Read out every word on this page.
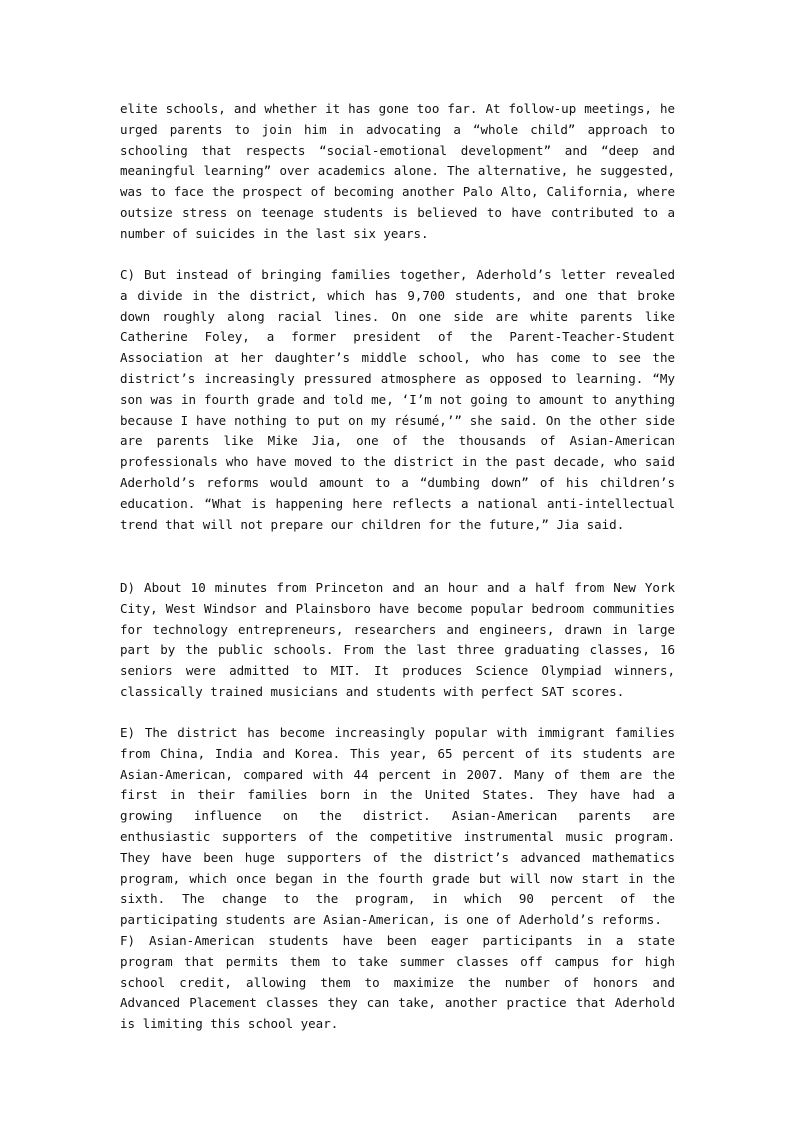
elite schools, and whether it has gone too far. At follow-up meetings, he urged parents to join him in advocating a “whole child” approach to schooling that respects “social-emotional development” and “deep and meaningful learning” over academics alone. The alternative, he suggested, was to face the prospect of becoming another Palo Alto, California, where outsize stress on teenage students is believed to have contributed to a number of suicides in the last six years.

C) But instead of bringing families together, Aderhold’s letter revealed a divide in the district, which has 9,700 students, and one that broke down roughly along racial lines. On one side are white parents like Catherine Foley, a former president of the Parent-Teacher-Student Association at her daughter’s middle school, who has come to see the district’s increasingly pressured atmosphere as opposed to learning. “My son was in fourth grade and told me, ‘I’m not going to amount to anything because I have nothing to put on my résumé,’” she said. On the other side are parents like Mike Jia, one of the thousands of Asian-American professionals who have moved to the district in the past decade, who said Aderhold’s reforms would amount to a “dumbing down” of his children’s education. “What is happening here reflects a national anti-intellectual trend that will not prepare our children for the future,” Jia said.

D) About 10 minutes from Princeton and an hour and a half from New York City, West Windsor and Plainsboro have become popular bedroom communities for technology entrepreneurs, researchers and engineers, drawn in large part by the public schools. From the last three graduating classes, 16 seniors were admitted to MIT. It produces Science Olympiad winners, classically trained musicians and students with perfect SAT scores.

E) The district has become increasingly popular with immigrant families from China, India and Korea. This year, 65 percent of its students are Asian-American, compared with 44 percent in 2007. Many of them are the first in their families born in the United States. They have had a growing influence on the district. Asian-American parents are enthusiastic supporters of the competitive instrumental music program. They have been huge supporters of the district’s advanced mathematics program, which once began in the fourth grade but will now start in the sixth. The change to the program, in which 90 percent of the participating students are Asian-American, is one of Aderhold’s reforms.

F) Asian-American students have been eager participants in a state program that permits them to take summer classes off campus for high school credit, allowing them to maximize the number of honors and Advanced Placement classes they can take, another practice that Aderhold is limiting this school year.
